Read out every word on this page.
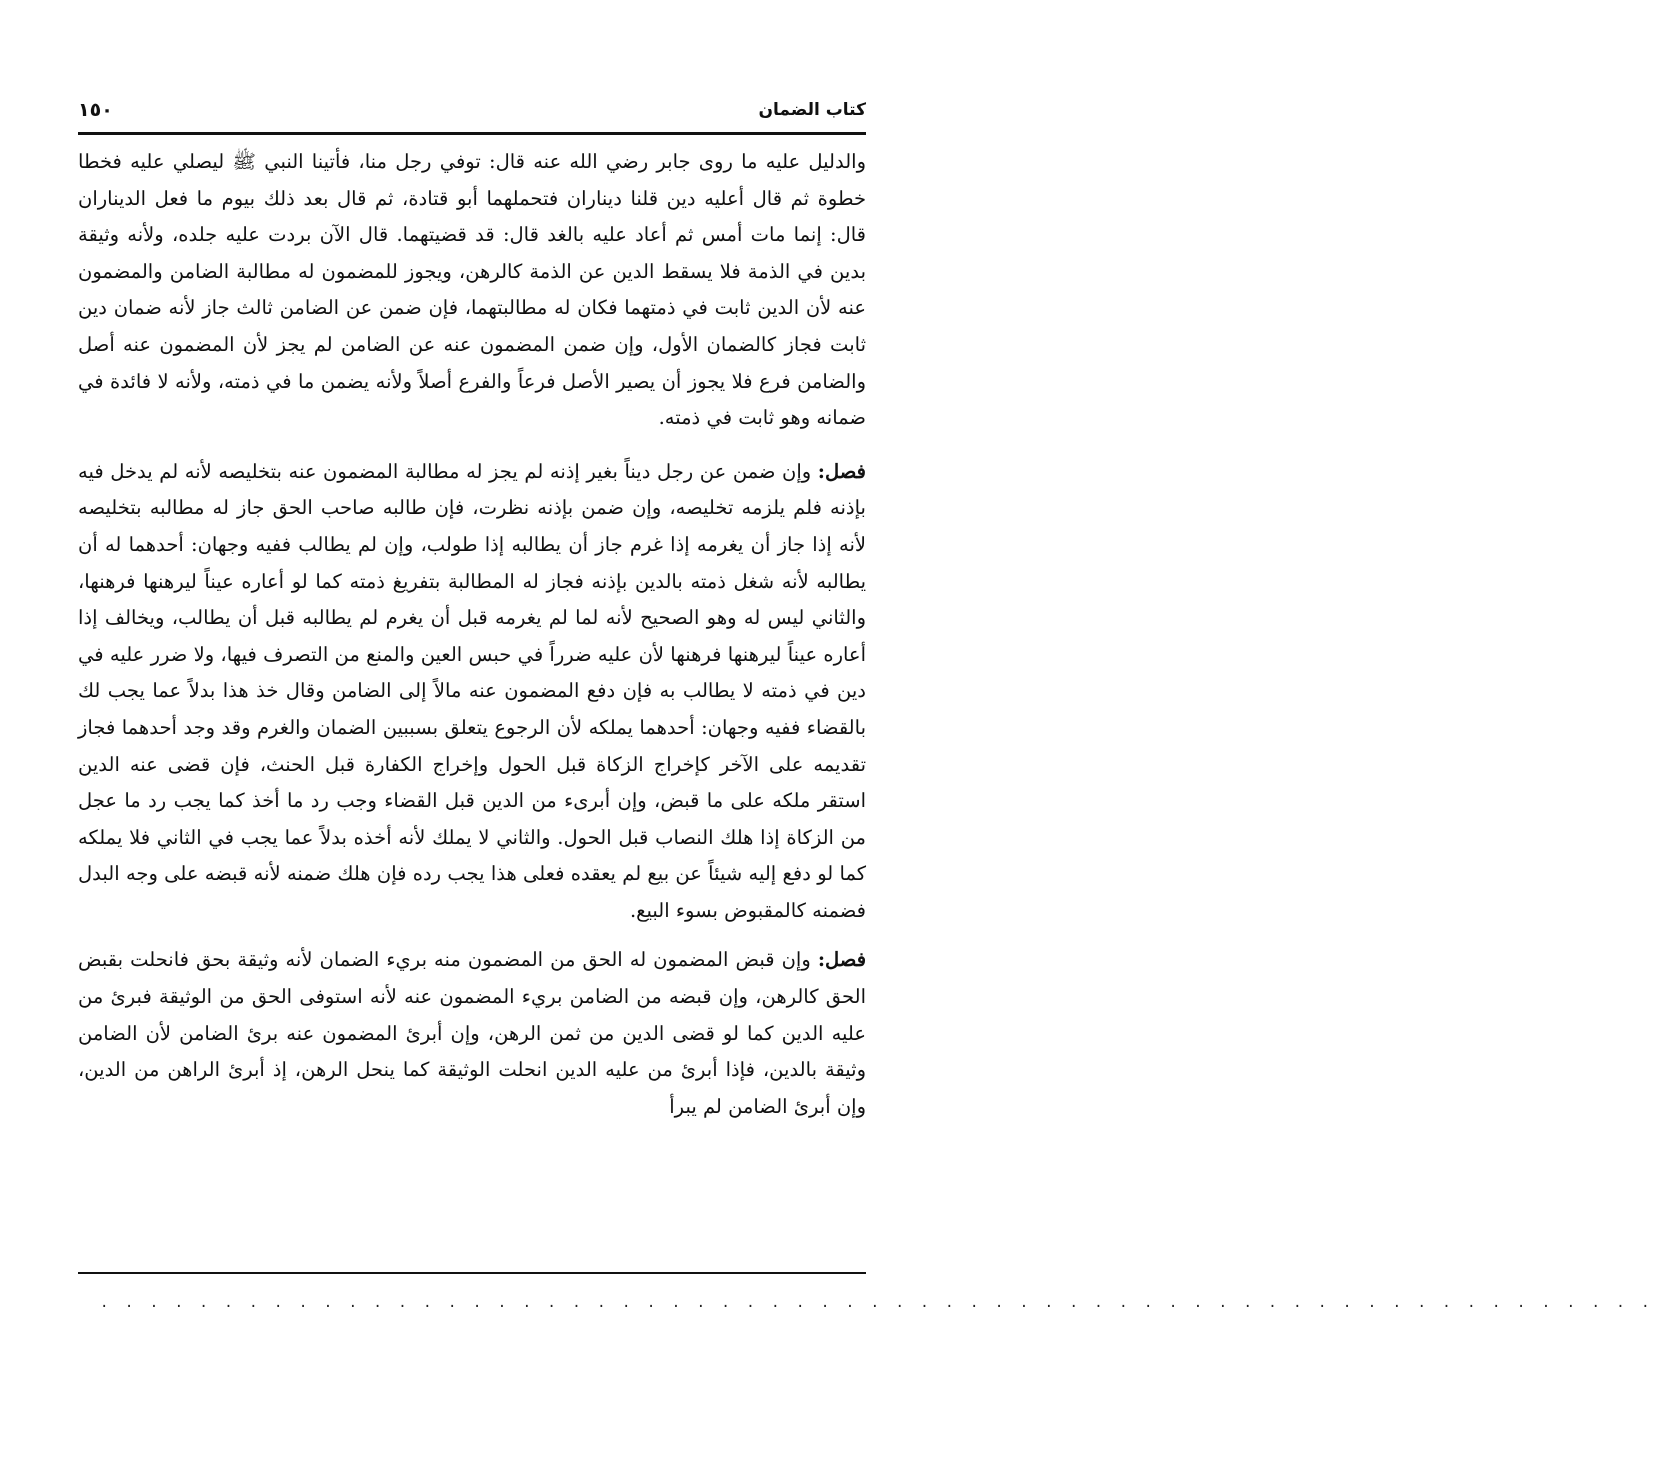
١٥٠	كتاب الضمان

والدليل عليه ما روى جابر رضي الله عنه قال: توفي رجل منا، فأتينا النبي ﷺ ليصلي عليه فخطا خطوة ثم قال أعليه دين قلنا ديناران فتحملهما أبو قتادة، ثم قال بعد ذلك بيوم ما فعل الديناران قال: إنما مات أمس ثم أعاد عليه بالغد قال: قد قضيتهما. قال الآن بردت عليه جلده، ولأنه وثيقة بدين في الذمة فلا يسقط الدين عن الذمة كالرهن، ويجوز للمضمون له مطالبة الضامن والمضمون عنه لأن الدين ثابت في ذمتهما فكان له مطالبتهما، فإن ضمن عن الضامن ثالث جاز لأنه ضمان دين ثابت فجاز كالضمان الأول، وإن ضمن المضمون عنه عن الضامن لم يجز لأن المضمون عنه أصل والضامن فرع فلا يجوز أن يصير الأصل فرعاً والفرع أصلاً ولأنه يضمن ما في ذمته، ولأنه لا فائدة في ضمانه وهو ثابت في ذمته.

فصل: وإن ضمن عن رجل ديناً بغير إذنه لم يجز له مطالبة المضمون عنه بتخليصه لأنه لم يدخل فيه بإذنه فلم يلزمه تخليصه، وإن ضمن بإذنه نظرت، فإن طالبه صاحب الحق جاز له مطالبه بتخليصه لأنه إذا جاز أن يغرمه إذا غرم جاز أن يطالبه إذا طولب، وإن لم يطالب ففيه وجهان: أحدهما له أن يطالبه لأنه شغل ذمته بالدين بإذنه فجاز له المطالبة بتفريغ ذمته كما لو أعاره عيناً ليرهنها فرهنها، والثاني ليس له وهو الصحيح لأنه لما لم يغرمه قبل أن يغرم لم يطالبه قبل أن يطالب، ويخالف إذا أعاره عيناً ليرهنها فرهنها لأن عليه ضرراً في حبس العين والمنع من التصرف فيها، ولا ضرر عليه في دين في ذمته لا يطالب به فإن دفع المضمون عنه مالاً إلى الضامن وقال خذ هذا بدلاً عما يجب لك بالقضاء ففيه وجهان: أحدهما يملكه لأن الرجوع يتعلق بسببين الضمان والغرم وقد وجد أحدهما فجاز تقديمه على الآخر كإخراج الزكاة قبل الحول وإخراج الكفارة قبل الحنث، فإن قضى عنه الدين استقر ملكه على ما قبض، وإن أبرىء من الدين قبل القضاء وجب رد ما أخذ كما يجب رد ما عجل من الزكاة إذا هلك النصاب قبل الحول. والثاني لا يملك لأنه أخذه بدلاً عما يجب في الثاني فلا يملكه كما لو دفع إليه شيئاً عن بيع لم يعقده فعلى هذا يجب رده فإن هلك ضمنه لأنه قبضه على وجه البدل فضمنه كالمقبوض بسوء البيع.

فصل: وإن قبض المضمون له الحق من المضمون منه بريء الضمان لأنه وثيقة بحق فانحلت بقبض الحق كالرهن، وإن قبضه من الضامن بريء المضمون عنه لأنه استوفى الحق من الوثيقة فبرئ من عليه الدين كما لو قضى الدين من ثمن الرهن، وإن أبرئ المضمون عنه برئ الضامن لأن الضامن وثيقة بالدين، فإذا أبرئ من عليه الدين انحلت الوثيقة كما ينحل الرهن، إذ أبرئ الراهن من الدين، وإن أبرئ الضامن لم يبرأ

. . . . . . . . . . . . . . . . . . . . . . . . . . . . . . . . . . . . . . . . . . . . . . . . . . . . . . . . . . . . . . .
